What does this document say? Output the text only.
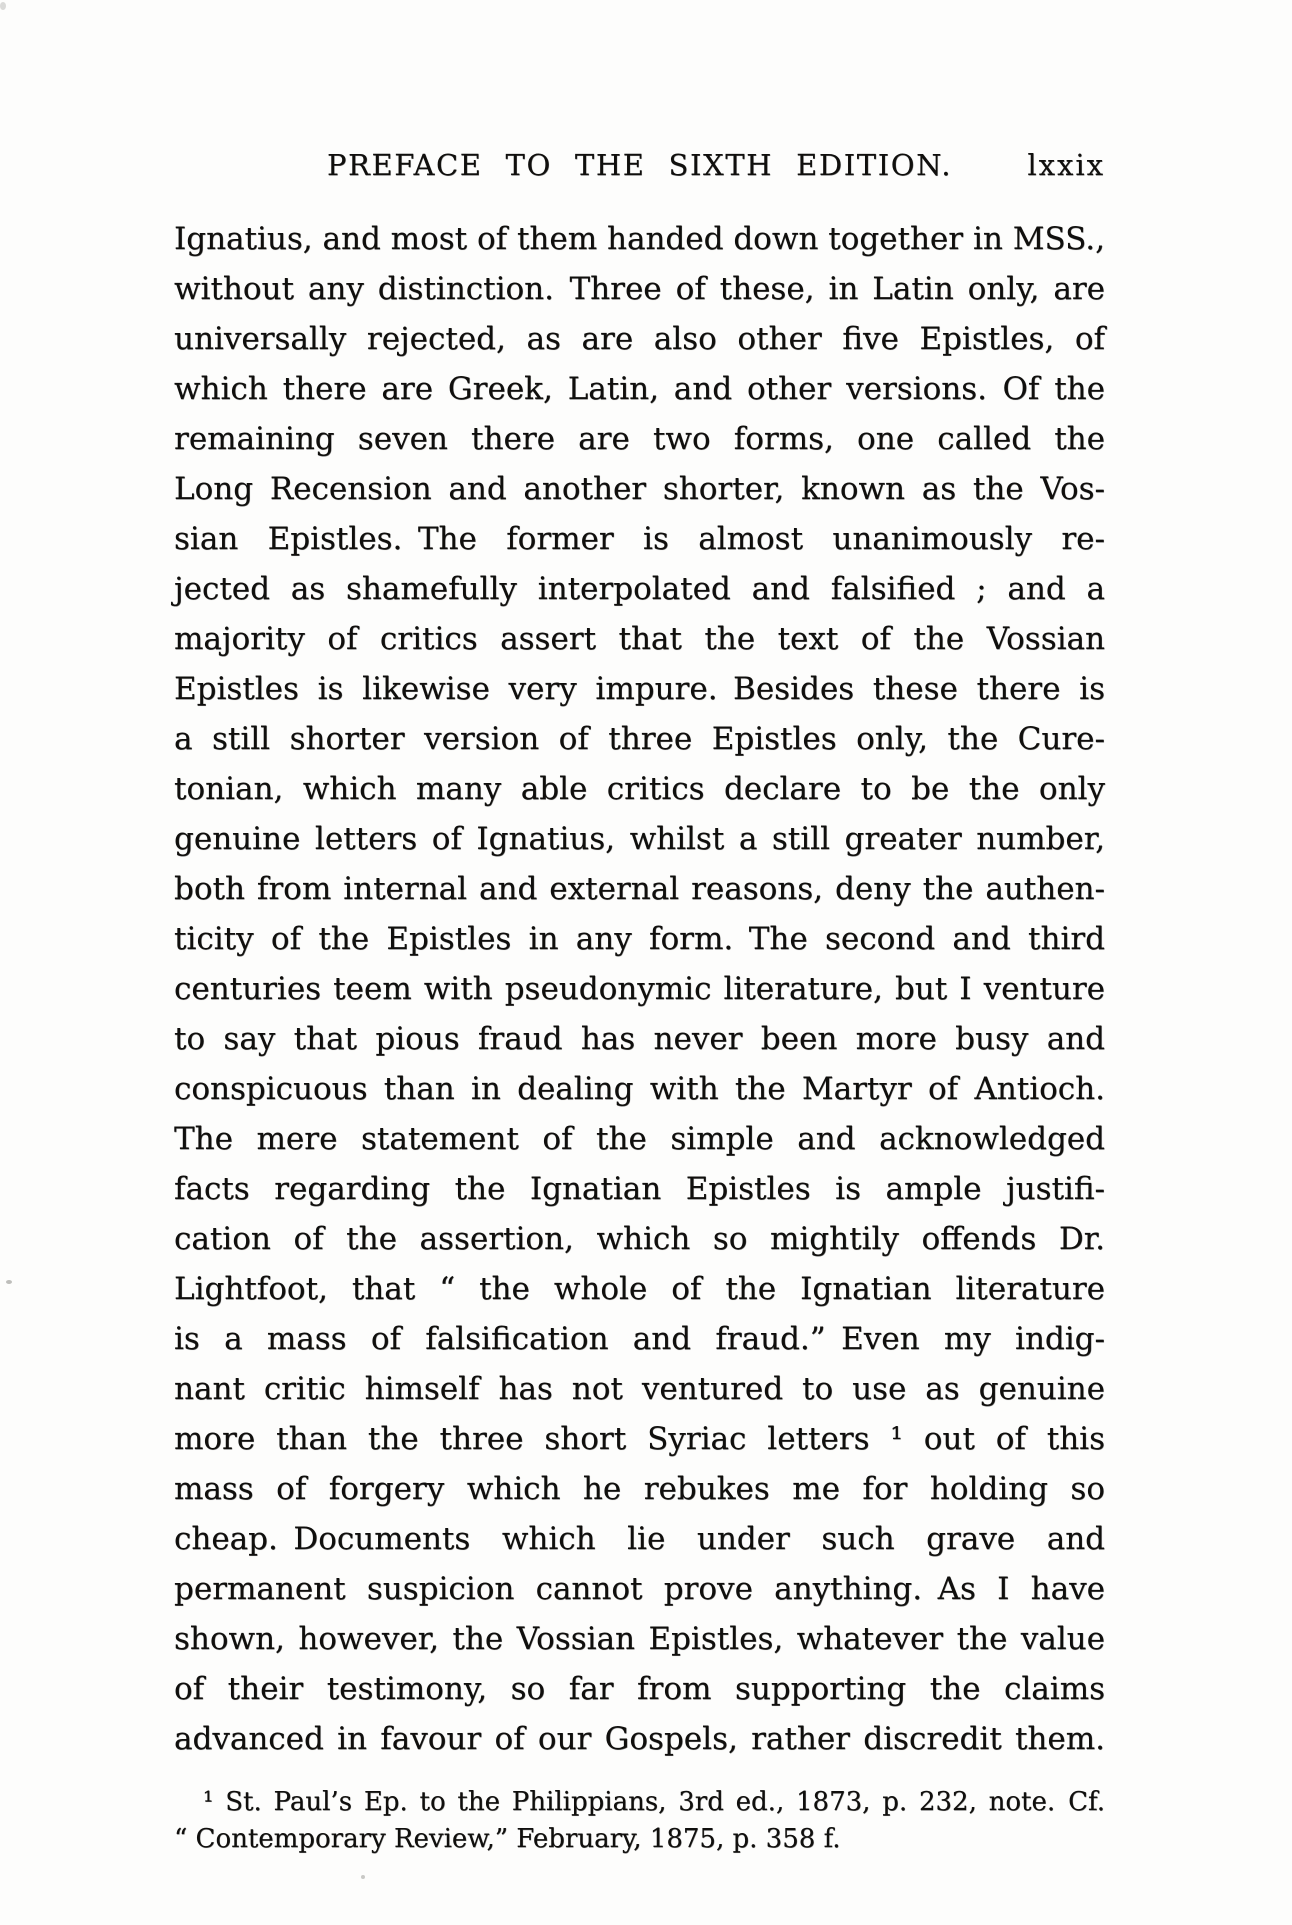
PREFACE TO THE SIXTH EDITION.	lxxix

Ignatius, and most of them handed down together in MSS.,

without any distinction. Three of these, in Latin only, are

universally rejected, as are also other five Epistles, of

which there are Greek, Latin, and other versions. Of the

remaining seven there are two forms, one called the

Long Recension and another shorter, known as the Vos-

sian Epistles. The former is almost unanimously re-

jected as shamefully interpolated and falsified ; and a

majority of critics assert that the text of the Vossian

Epistles is likewise very impure. Besides these there is

a still shorter version of three Epistles only, the Cure-

tonian, which many able critics declare to be the only

genuine letters of Ignatius, whilst a still greater number,

both from internal and external reasons, deny the authen-

ticity of the Epistles in any form. The second and third

centuries teem with pseudonymic literature, but I venture

to say that pious fraud has never been more busy and

conspicuous than in dealing with the Martyr of Antioch.

The mere statement of the simple and acknowledged

facts regarding the Ignatian Epistles is ample justifi-

cation of the assertion, which so mightily offends Dr.

Lightfoot, that “ the whole of the Ignatian literature

is a mass of falsification and fraud.” Even my indig-

nant critic himself has not ventured to use as genuine

more than the three short Syriac letters ¹ out of this

mass of forgery which he rebukes me for holding so

cheap. Documents which lie under such grave and

permanent suspicion cannot prove anything. As I have

shown, however, the Vossian Epistles, whatever the value

of their testimony, so far from supporting the claims

advanced in favour of our Gospels, rather discredit them.

¹ St. Paul’s Ep. to the Philippians, 3rd ed., 1873, p. 232, note. Cf.

“ Contemporary Review,” February, 1875, p. 358 f.
